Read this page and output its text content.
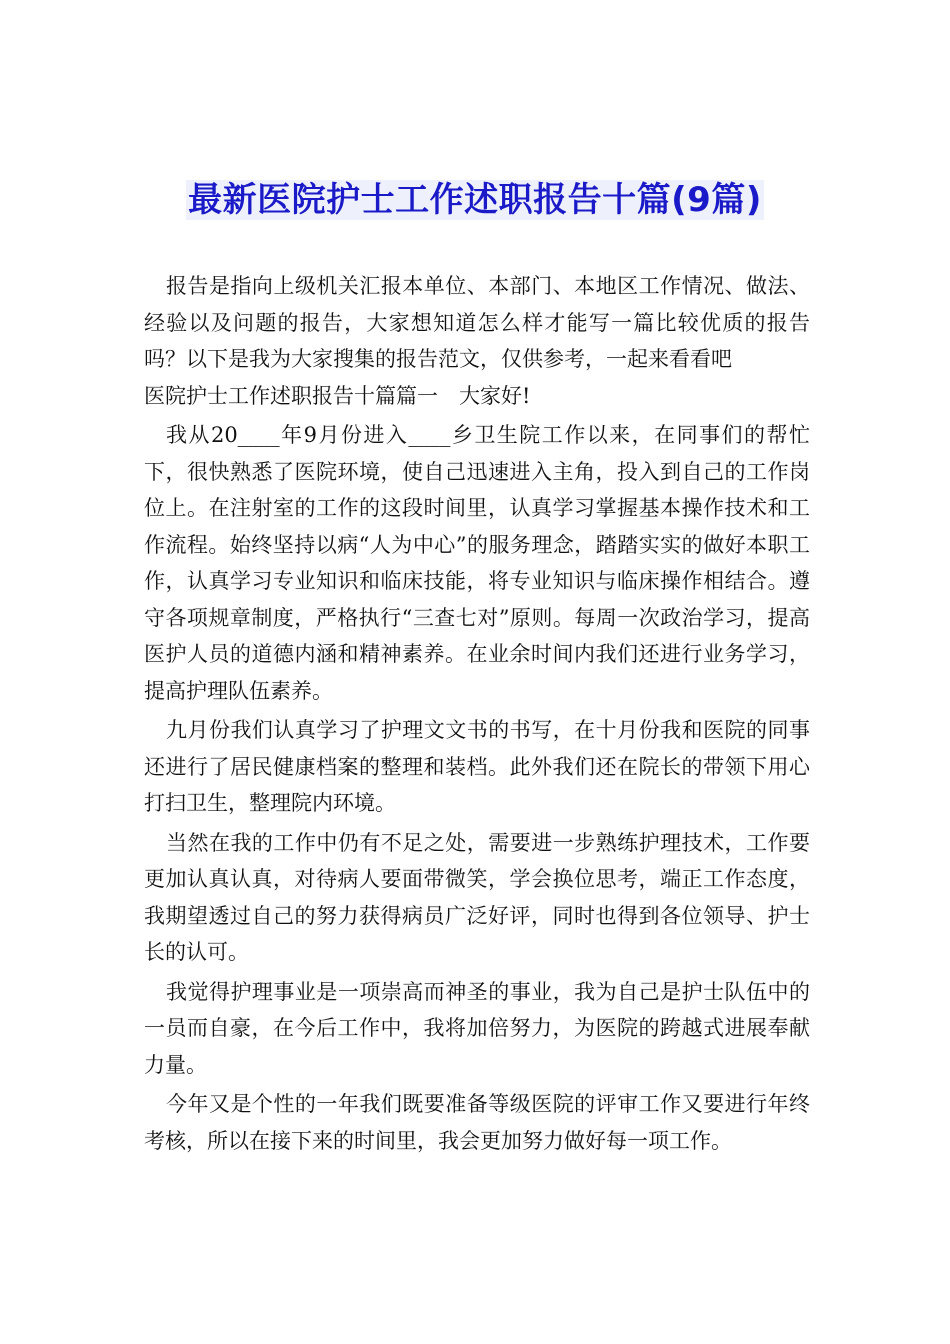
最新医院护士工作述职报告十篇(9篇)

报告是指向上级机关汇报本单位、本部门、本地区工作情况、做法、经验以及问题的报告，大家想知道怎么样才能写一篇比较优质的报告吗？以下是我为大家搜集的报告范文，仅供参考，一起来看看吧

医院护士工作述职报告十篇篇一　大家好!

我从20____年9月份进入____乡卫生院工作以来，在同事们的帮忙下，很快熟悉了医院环境，使自己迅速进入主角，投入到自己的工作岗位上。在注射室的工作的这段时间里，认真学习掌握基本操作技术和工作流程。始终坚持以病“人为中心”的服务理念，踏踏实实的做好本职工作，认真学习专业知识和临床技能，将专业知识与临床操作相结合。遵守各项规章制度，严格执行“三查七对”原则。每周一次政治学习，提高医护人员的道德内涵和精神素养。在业余时间内我们还进行业务学习，提高护理队伍素养。

九月份我们认真学习了护理文文书的书写，在十月份我和医院的同事还进行了居民健康档案的整理和装档。此外我们还在院长的带领下用心打扫卫生，整理院内环境。

当然在我的工作中仍有不足之处，需要进一步熟练护理技术，工作要更加认真认真，对待病人要面带微笑，学会换位思考，端正工作态度，我期望透过自己的努力获得病员广泛好评，同时也得到各位领导、护士长的认可。

我觉得护理事业是一项崇高而神圣的事业，我为自己是护士队伍中的一员而自豪，在今后工作中，我将加倍努力，为医院的跨越式进展奉献力量。

今年又是个性的一年我们既要准备等级医院的评审工作又要进行年终考核，所以在接下来的时间里，我会更加努力做好每一项工作。
